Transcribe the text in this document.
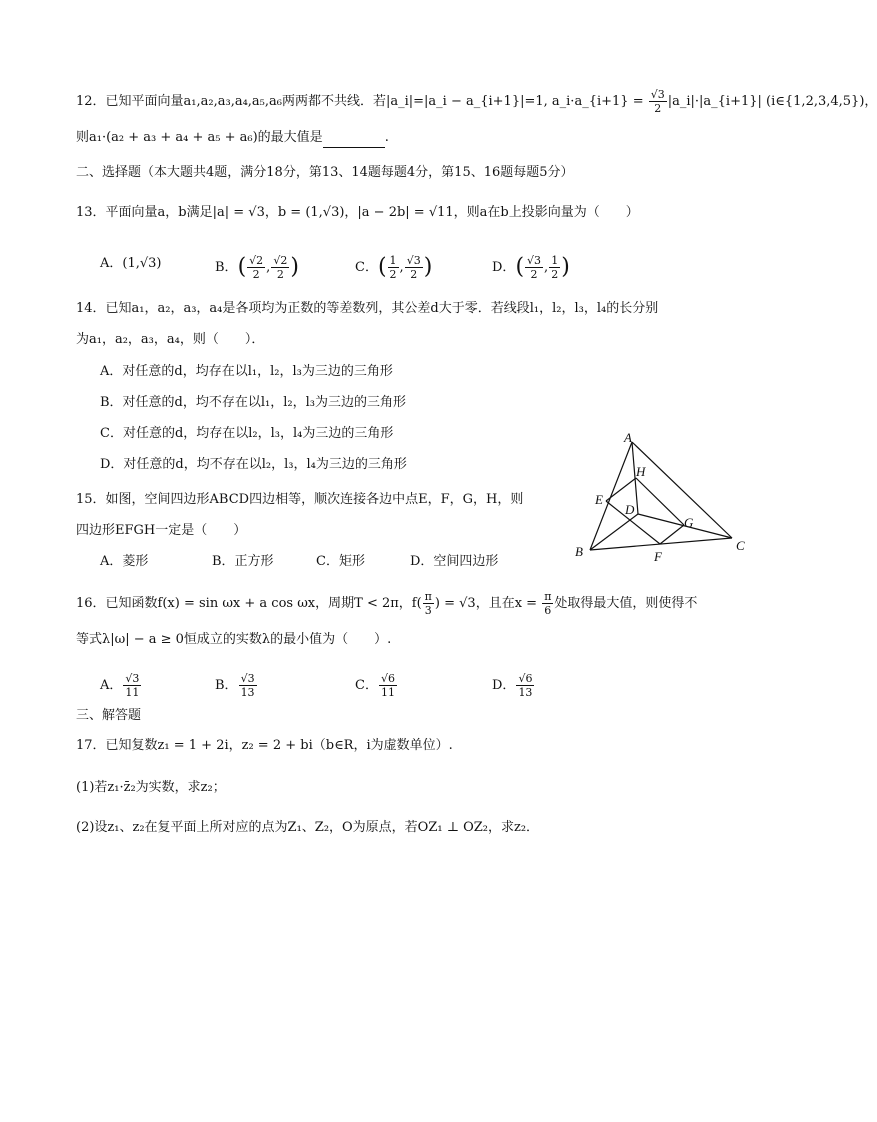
12．已知平面向量a₁,a₂,a₃,a₄,a₅,a₆两两都不共线．若|a_i|=|a_i − a_{i+1}|=1, a_i·a_{i+1} = $\frac{√3}{2}$ |a_i|·|a_{i+1}| (i∈{1,2,3,4,5})，
则a₁·(a₂ + a₃ + a₄ + a₅ + a₆)的最大值是	.
二、选择题（本大题共4题，满分18分，第13、14题每题4分，第15、16题每题5分）
13．平面向量a，b满足|a| = √3，b = (1,√3)，|a − 2b| = √11，则a在b上投影向量为（　　）
A．(1,√3)	B．( $\frac{√2}{2}$ , $\frac{√2}{2}$ )	C．( $\frac{1}{2}$ , $\frac{√3}{2}$ )	D．( $\frac{√3}{2}$ , $\frac{1}{2}$ )
14．已知a₁，a₂，a₃，a₄是各项均为正数的等差数列，其公差d大于零．若线段l₁，l₂，l₃，l₄的长分别
为a₁，a₂，a₃，a₄，则（　　）．
A．对任意的d，均存在以l₁，l₂，l₃为三边的三角形
B．对任意的d，均不存在以l₁，l₂，l₃为三边的三角形
C．对任意的d，均存在以l₂，l₃，l₄为三边的三角形
D．对任意的d，均不存在以l₂，l₃，l₄为三边的三角形
15．如图，空间四边形ABCD四边相等，顺次连接各边中点E，F，G，H，则
四边形EFGH一定是（　　）
A．菱形	B．正方形	C．矩形	D．空间四边形
A
H
E
D
G
B	F
C
16．已知函数f(x) = sin ωx + a cos ωx，周期T < 2π，$f( \frac{\pi}{3}$ ) = √3，且在$x = \frac{\pi}{6}$ 处取得最大值，则使得不
等式λ|ω| − a ≥ 0恒成立的实数λ的最小值为（　　）.
A． $\frac{√3}{11}$	B． $\frac{√3}{13}$	C． $\frac{√6}{11}$	D． $\frac{√6}{13}$
三、解答题
17．已知复数z₁ = 1 + 2i，z₂ = 2 + bi（b∈R，i为虚数单位）.
(1)若z₁·z̄₂为实数，求z₂；
(2)设z₁、z₂在复平面上所对应的点为Z₁、Z₂，O为原点，若OZ₁ ⊥ OZ₂，求z₂．
